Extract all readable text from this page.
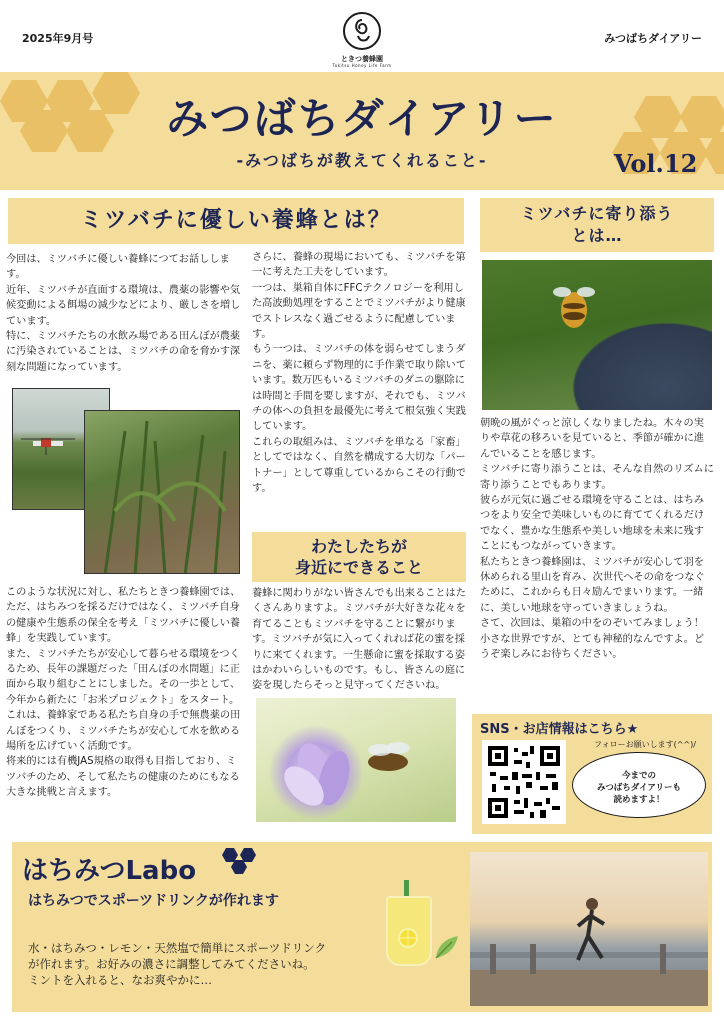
2025年9月号
ときつ養蜂園
Tokitsu Honey Life Farm
みつばちダイアリー
みつばちダイアリー
-みつばちが教えてくれること-	Vol.12
ミツバチに優しい養蜂とは？

今回は、ミツバチに優しい養蜂につてお話しします。

近年、ミツバチが直面する環境は、農薬の影響や気候変動による餌場の減少などにより、厳しさを増しています。

特に、ミツバチたちの水飲み場である田んぼが農薬に汚染されていることは、ミツバチの命を脅かす深刻な問題になっています。

このような状況に対し、私たちときつ養蜂園では、ただ、はちみつを採るだけではなく、ミツバチ自身の健康や生態系の保全を考え「ミツバチに優しい養蜂」を実践しています。

また、ミツバチたちが安心して暮らせる環境をつくるため、長年の課題だった「田んぼの水問題」に正面から取り組むことにしました。その一歩として、今年から新たに「お米プロジェクト」をスタート。

これは、養蜂家である私たち自身の手で無農薬の田んぼをつくり、ミツバチたちが安心して水を飲める場所を広げていく活動です。

将来的には有機JAS規格の取得も目指しており、ミツバチのため、そして私たちの健康のためにもなる大きな挑戦と言えます。

さらに、養蜂の現場においても、ミツバチを第一に考えた工夫をしています。

一つは、巣箱自体にFFCテクノロジーを利用した高波動処理をすることでミツバチがより健康でストレスなく過ごせるように配慮しています。

もう一つは、ミツバチの体を弱らせてしまうダニを、薬に頼らず物理的に手作業で取り除いています。数万匹もいるミツバチのダニの駆除には時間と手間を要しますが、それでも、ミツバチの体への負担を最優先に考えて根気強く実践しています。

これらの取組みは、ミツバチを単なる「家畜」としてではなく、自然を構成する大切な「パートナー」として尊重しているからこその行動です。

わたしたちが
身近にできること
養蜂に関わりがない皆さんでも出来ることはたくさんありますよ。ミツバチが大好きな花々を育てることもミツバチを守ることに繋がります。ミツバチが気に入ってくれれば花の蜜を採りに来てくれます。一生懸命に蜜を採取する姿はかわいらしいものです。もし、皆さんの庭に姿を現したらそっと見守ってくださいね。
ミツバチに寄り添う
とは…

朝晩の風がぐっと涼しくなりましたね。木々の実りや草花の移ろいを見ていると、季節が確かに進んでいることを感じます。

ミツバチに寄り添うことは、そんな自然のリズムに寄り添うことでもあります。

彼らが元気に過ごせる環境を守ることは、はちみつをより安全で美味しいものに育ててくれるだけでなく、豊かな生態系や美しい地球を未来に残すことにもつながっていきます。

私たちときつ養蜂園は、ミツバチが安心して羽を休められる里山を育み、次世代へその命をつなぐために、これからも日々励んでまいります。一緒に、美しい地球を守っていきましょうね。

さて、次回は、巣箱の中をのぞいてみましょう！小さな世界ですが、とても神秘的なんですよ。どうぞ楽しみにお待ちください。

SNS・お店情報はこちら★
フォローお願いします(^^)/
今までの
みつばちダイアリーも
読めますよ！
はちみつLabo
はちみつでスポーツドリンクが作れます
水・はちみつ・レモン・天然塩で簡単にスポーツドリンク
が作れます。お好みの濃さに調整してみてくださいね。
ミントを入れると、なお爽やかに…
